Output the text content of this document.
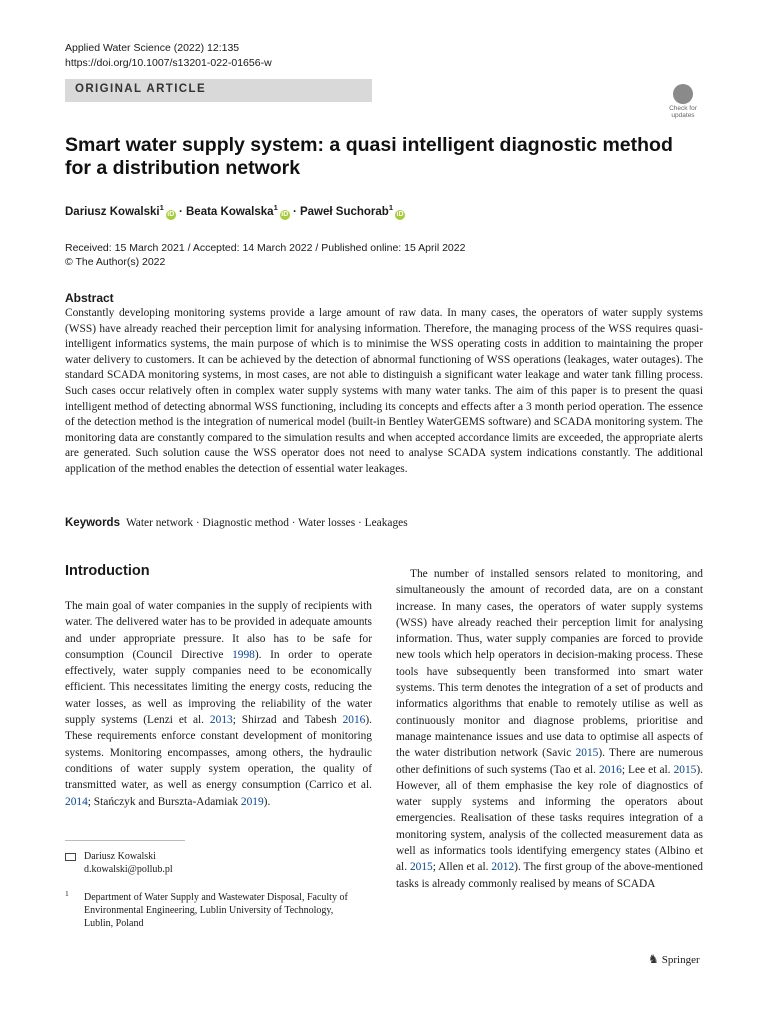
Applied Water Science (2022) 12:135
https://doi.org/10.1007/s13201-022-01656-w
ORIGINAL ARTICLE
Check for
updates
Smart water supply system: a quasi intelligent diagnostic method for a distribution network
Dariusz Kowalski$^1$iD · Beata Kowalska$^1$iD · Paweł Suchorab$^1$iD
Received: 15 March 2021 / Accepted: 14 March 2022 / Published online: 15 April 2022
© The Author(s) 2022
Abstract
Constantly developing monitoring systems provide a large amount of raw data. In many cases, the operators of water supply systems (WSS) have already reached their perception limit for analysing information. Therefore, the managing process of the WSS requires quasi-intelligent informatics systems, the main purpose of which is to minimise the WSS operating costs in addition to maintaining the proper water delivery to customers. It can be achieved by the detection of abnormal functioning of WSS operations (leakages, water outages). The standard SCADA monitoring systems, in most cases, are not able to distinguish a significant water leakage and water tank filling process. Such cases occur relatively often in complex water supply systems with many water tanks. The aim of this paper is to present the quasi intelligent method of detecting abnormal WSS functioning, including its concepts and effects after a 3 month period operation. The essence of the detection method is the integration of numerical model (built-in Bentley WaterGEMS software) and SCADA monitoring system. The monitoring data are constantly compared to the simulation results and when accepted accordance limits are exceeded, the appropriate alerts are generated. Such solution cause the WSS operator does not need to analyse SCADA system indications constantly. The additional application of the method enables the detection of essential water leakages.
Keywords Water network · Diagnostic method · Water losses · Leakages
Introduction
The main goal of water companies in the supply of recipients with water. The delivered water has to be provided in adequate amounts and under appropriate pressure. It also has to be safe for consumption (Council Directive 1998). In order to operate effectively, water supply companies need to be economically efficient. This necessitates limiting the energy costs, reducing the water losses, as well as improving the reliability of the water supply systems (Lenzi et al. 2013; Shirzad and Tabesh 2016). These requirements enforce constant development of monitoring systems. Monitoring encompasses, among others, the hydraulic conditions of water supply system operation, the quality of transmitted water, as well as energy consumption (Carrico et al. 2014; Stańczyk and Burszta-Adamiak 2019).
The number of installed sensors related to monitoring, and simultaneously the amount of recorded data, are on a constant increase. In many cases, the operators of water supply systems (WSS) have already reached their perception limit for analysing information. Thus, water supply companies are forced to provide new tools which help operators in decision-making process. These tools have subsequently been transformed into smart water systems. This term denotes the integration of a set of products and informatics algorithms that enable to remotely utilise as well as continuously monitor and diagnose problems, prioritise and manage maintenance issues and use data to optimise all aspects of the water distribution network (Savic 2015). There are numerous other definitions of such systems (Tao et al. 2016; Lee et al. 2015). However, all of them emphasise the key role of diagnostics of water supply systems and informing the operators about emergencies. Realisation of these tasks requires integration of a monitoring system, analysis of the collected measurement data as well as informatics tools identifying emergency states (Albino et al. 2015; Allen et al. 2012). The first group of the above-mentioned tasks is already commonly realised by means of SCADA
Dariusz Kowalski
d.kowalski@pollub.pl
1 Department of Water Supply and Wastewater Disposal, Faculty of Environmental Engineering, Lublin University of Technology, Lublin, Poland
♞ Springer
